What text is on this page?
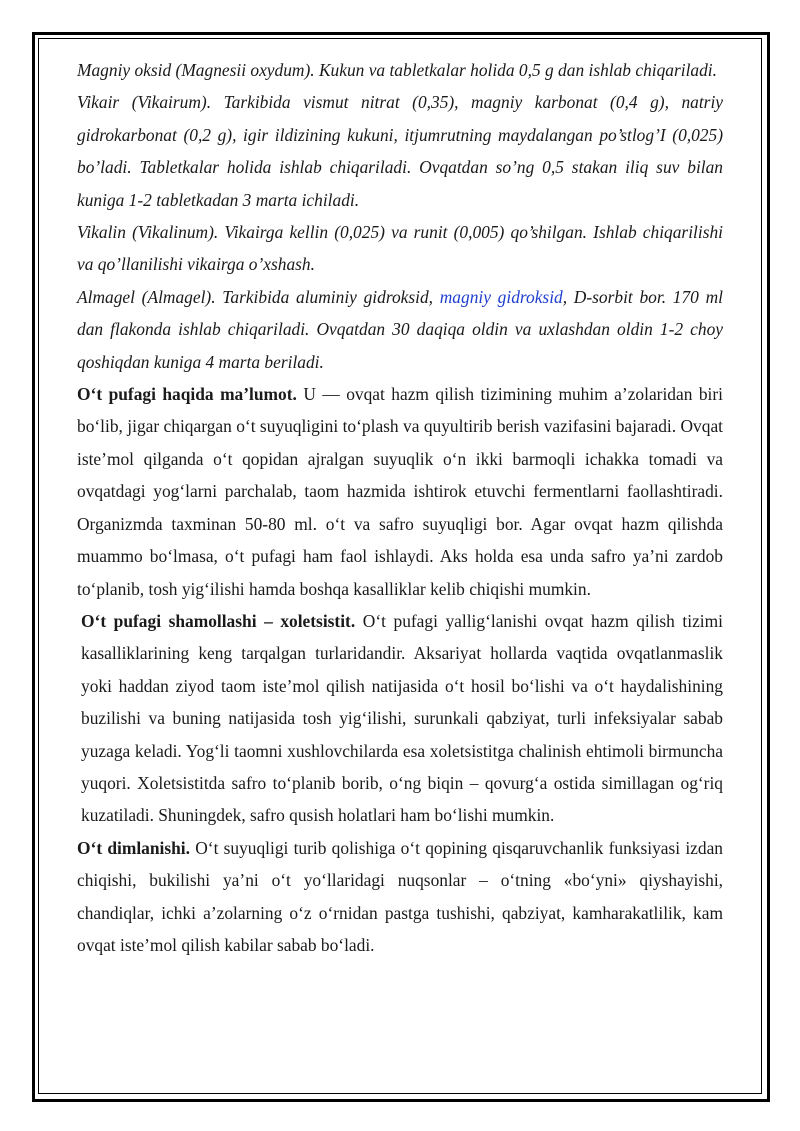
Magniy oksid (Magnesii oxydum). Kukun va tabletkalar holida 0,5 g dan ishlab chiqariladi.

Vikair (Vikairum). Tarkibida vismut nitrat (0,35), magniy karbonat (0,4 g), natriy gidrokarbonat (0,2 g), igir ildizining kukuni, itjumrutning maydalangan po’stlog’I (0,025) bo’ladi. Tabletkalar holida ishlab chiqariladi. Ovqatdan so’ng 0,5 stakan iliq suv bilan kuniga 1-2 tabletkadan 3 marta ichiladi.

Vikalin (Vikalinum). Vikairga kellin (0,025) va runit (0,005) qo’shilgan. Ishlab chiqarilishi va qo’llanilishi vikairga o’xshash.

Almagel (Almagel). Tarkibida aluminiy gidroksid, magniy gidroksid, D-sorbit bor. 170 ml dan flakonda ishlab chiqariladi. Ovqatdan 30 daqiqa oldin va uxlashdan oldin 1-2 choy qoshiqdan kuniga 4 marta beriladi.

O‘t pufagi haqida ma’lumot. U — ovqat hazm qilish tizimining muhim a’zolaridan biri bo‘lib, jigar chiqargan o‘t suyuqligini to‘plash va quyultirib berish vazifasini bajaradi. Ovqat iste’mol qilganda o‘t qopidan ajralgan suyuqlik o‘n ikki barmoqli ichakka tomadi va ovqatdagi yog‘larni parchalab, taom hazmida ishtirok etuvchi fermentlarni faollashtiradi. Organizmda taxminan 50-80 ml. o‘t va safro suyuqligi bor. Agar ovqat hazm qilishda muammo bo‘lmasa, o‘t pufagi ham faol ishlaydi. Aks holda esa unda safro ya’ni zardob to‘planib, tosh yig‘ilishi hamda boshqa kasalliklar kelib chiqishi mumkin.

O‘t pufagi shamollashi – xoletsistit. O‘t pufagi yallig‘lanishi ovqat hazm qilish tizimi kasalliklarining keng tarqalgan turlaridandir. Aksariyat hollarda vaqtida ovqatlanmaslik yoki haddan ziyod taom iste’mol qilish natijasida o‘t hosil bo‘lishi va o‘t haydalishining buzilishi va buning natijasida tosh yig‘ilishi, surunkali qabziyat, turli infeksiyalar sabab yuzaga keladi. Yog‘li taomni xushlovchilarda esa xoletsistitga chalinish ehtimoli birmuncha yuqori. Xoletsistitda safro to‘planib borib, o‘ng biqin – qovurg‘a ostida simillagan og‘riq kuzatiladi. Shuningdek, safro qusish holatlari ham bo‘lishi mumkin.

O‘t dimlanishi. O‘t suyuqligi turib qolishiga o‘t qopining qisqaruvchanlik funksiyasi izdan chiqishi, bukilishi ya’ni o‘t yo‘llaridagi nuqsonlar – o‘tning «bo‘yni» qiyshayishi, chandiqlar, ichki a’zolarning o‘z o‘rnidan pastga tushishi, qabziyat, kamharakatlilik, kam ovqat iste’mol qilish kabilar sabab bo‘ladi.
